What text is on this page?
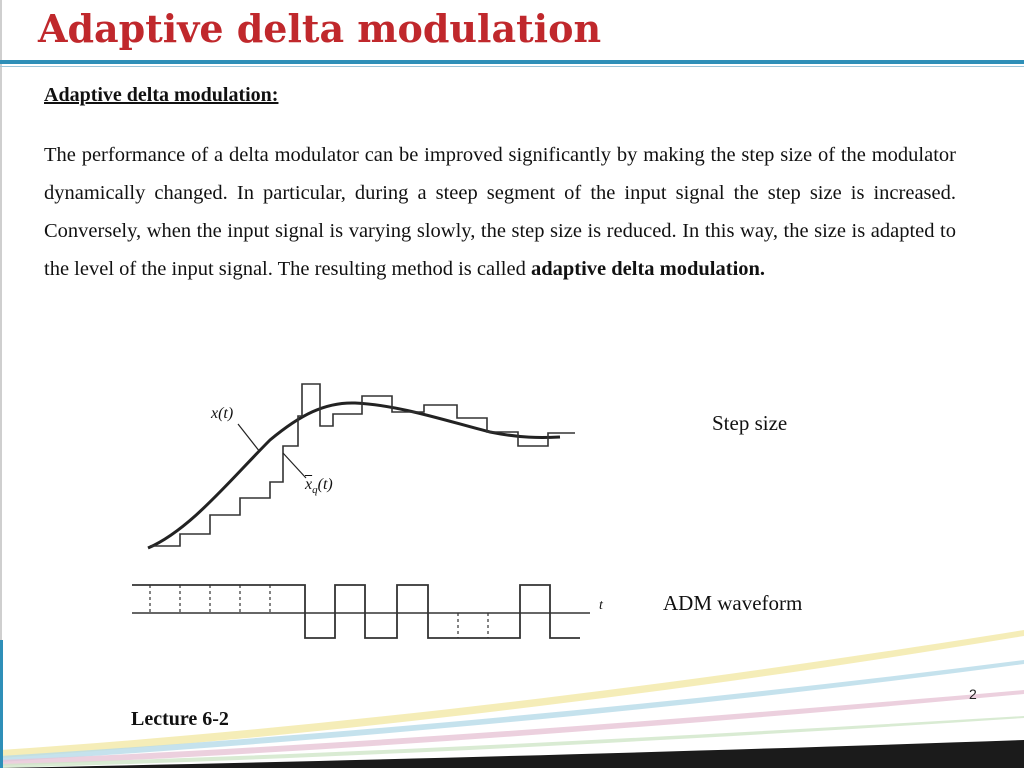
Adaptive delta modulation
Adaptive delta modulation:
The performance of a delta modulator can be improved significantly by making the step size of the modulator dynamically changed. In particular, during a steep segment of the input signal the step size is increased. Conversely, when the input signal is varying slowly, the step size is reduced. In this way, the size is adapted to the level of the input signal. The resulting method is called adaptive delta modulation.
x(t)
$\overline{x}_q(t)$
t
Step size
ADM waveform
2
Lecture 6-2
